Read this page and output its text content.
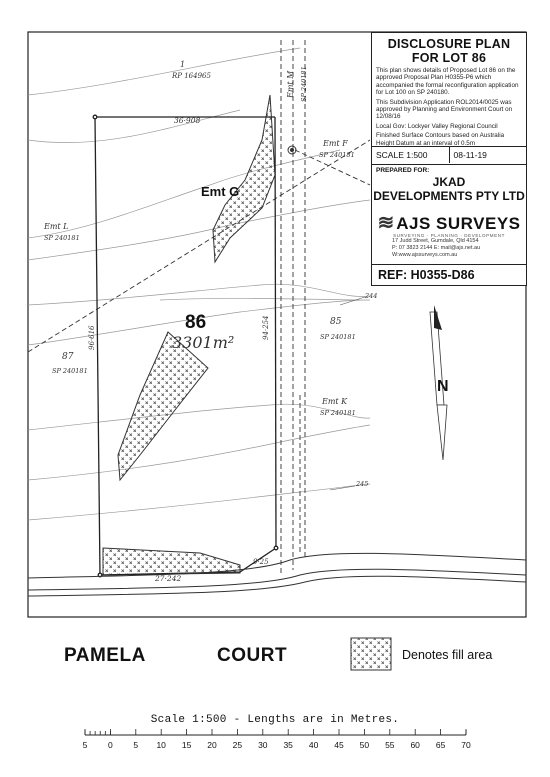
DISCLOSURE PLAN
FOR LOT 86
This plan shows details of Proposed Lot 86 on the approved Proposal Plan H0355-P6 which accompanied the formal reconfiguration application for Lot 100 on SP 240180.
This Subdivision Application ROL2014/0025 was approved by Planning and Environment Court on 12/08/16
Local Gov: Lockyer Valley Regional Council
Finished Surface Contours based on Australia Height Datum at an interval of 0.5m
SCALE 1:500	08-11-19
PREPARED FOR:
JKAD
DEVELOPMENTS PTY LTD
≋ AJS SURVEYS
SURVEYING · PLANNING · DEVELOPMENT
17 Judd Street, Gumdale, Qld 4154
P: 07 3823 2144 E: mail@ajs.net.au
W:www.ajssurveys.com.au
REF: H0355-D86
1
RP 164965
36·908
96·616	94·254
27·242
9·25
86
3301m²
Emt G
Emt L
SP 240181
Emt M SP 240181
Emt F
SP 240181
Emt K
SP 240181
85
SP 240181
87
SP 240181
244
245
N
PAMELA	COURT	Denotes fill area
Scale 1:500 - Lengths are in Metres.
5 0 5 10 15 20 25 30 35 40 45 50 55 60 65 70
